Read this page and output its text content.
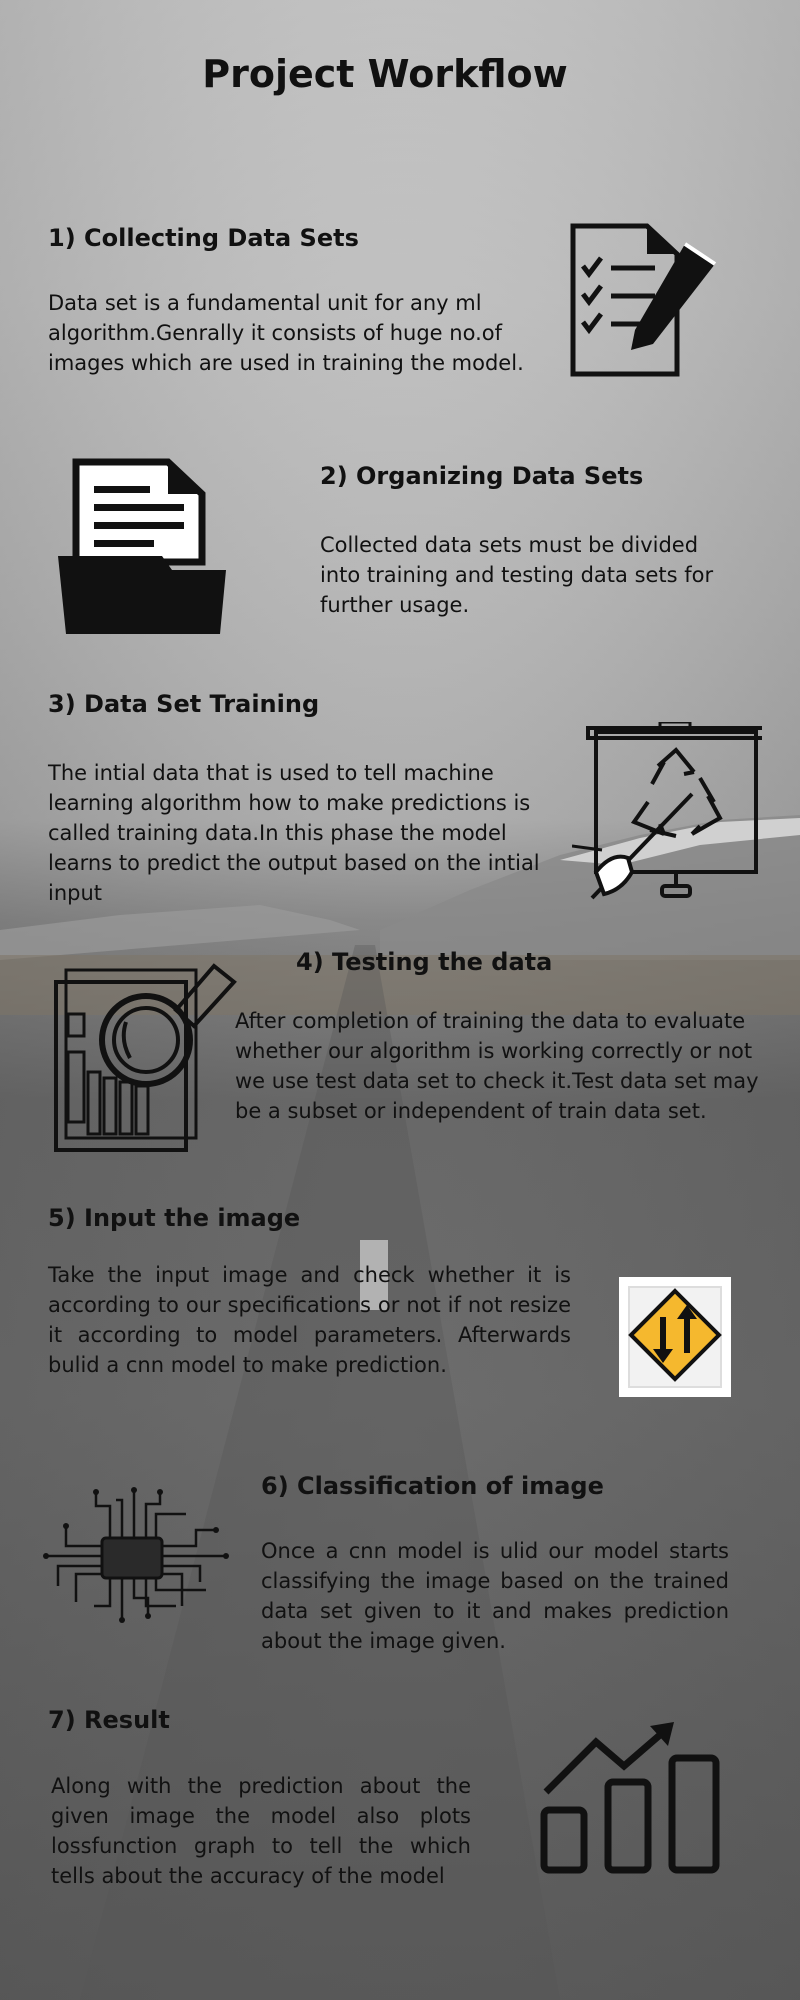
Project Workflow
1) Collecting Data Sets
Data set is a fundamental unit for any ml algorithm.Genrally it consists of huge no.of images which are used in training the model.
2) Organizing Data Sets
Collected data sets must be divided into training and testing data sets for further usage.
3) Data Set Training
The intial data that is used to tell machine learning algorithm how to make predictions is called training data.In this phase the model learns to predict the output based on the intial input
4) Testing the data
After completion of training the data to evaluate whether our algorithm is working correctly or not we use test data set to check it.Test data set may be a subset or independent of train data set.
5) Input the image
Take the input image and check whether it is according to our specifications or not if not resize it according to model parameters. Afterwards bulid a cnn model to make prediction.
6) Classification of image
Once a cnn model is ulid our model starts classifying the image based on the trained data set given to it and makes prediction about the image given.
7) Result
Along with the prediction about the given image the model also plots lossfunction graph to tell the which tells about the accuracy of the model
